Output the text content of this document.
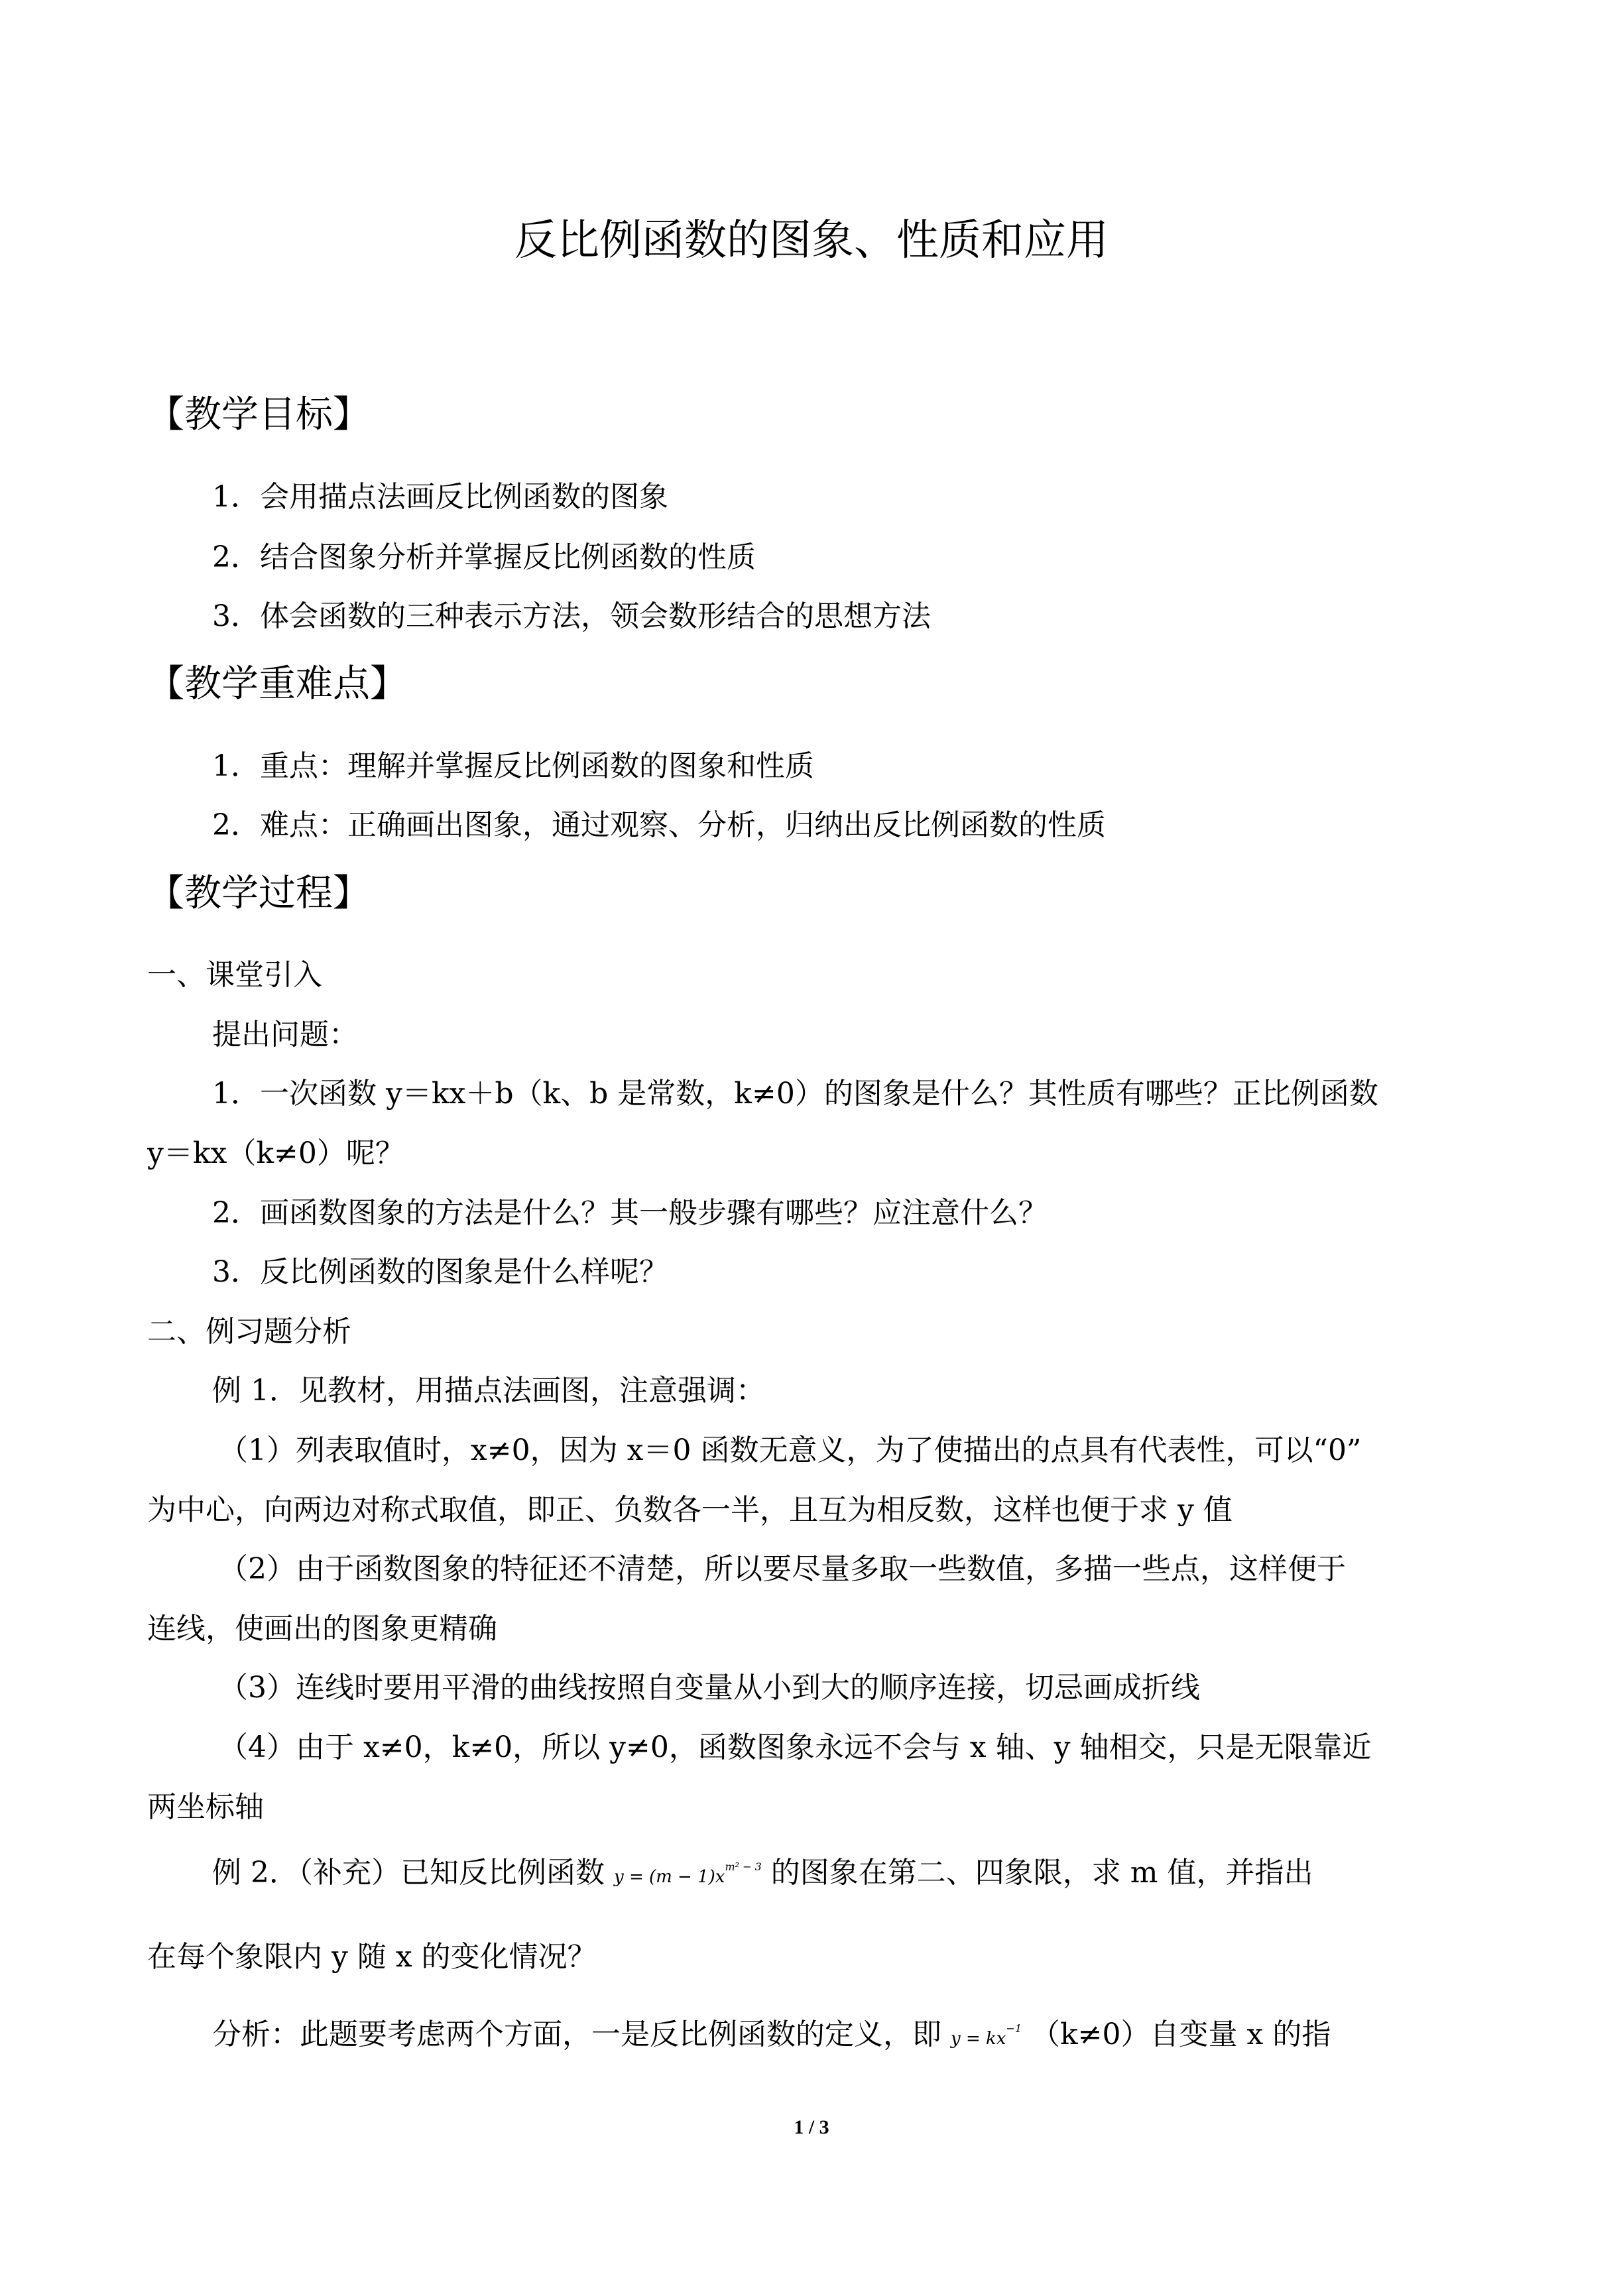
反比例函数的图象、性质和应用
【教学目标】
1．会用描点法画反比例函数的图象
2．结合图象分析并掌握反比例函数的性质
3．体会函数的三种表示方法，领会数形结合的思想方法
【教学重难点】
1．重点：理解并掌握反比例函数的图象和性质
2．难点：正确画出图象，通过观察、分析，归纳出反比例函数的性质
【教学过程】
一、课堂引入
提出问题：
1．一次函数 y＝kx＋b（k、b 是常数，k≠0）的图象是什么？其性质有哪些？正比例函数
y＝kx（k≠0）呢？
2．画函数图象的方法是什么？其一般步骤有哪些？应注意什么？
3．反比例函数的图象是什么样呢？
二、例习题分析
例 1．见教材，用描点法画图，注意强调：
（1）列表取值时，x≠0，因为 x＝0 函数无意义，为了使描出的点具有代表性，可以“0”
为中心，向两边对称式取值，即正、负数各一半，且互为相反数，这样也便于求 y 值
（2）由于函数图象的特征还不清楚，所以要尽量多取一些数值，多描一些点，这样便于
连线，使画出的图象更精确
（3）连线时要用平滑的曲线按照自变量从小到大的顺序连接，切忌画成折线
（4）由于 x≠0，k≠0，所以 y≠0，函数图象永远不会与 x 轴、y 轴相交，只是无限靠近
两坐标轴
例 2．（补充）已知反比例函数 $y = (m - 1)x^{m^2 - 3}$ 的图象在第二、四象限，求 m 值，并指出
在每个象限内 y 随 x 的变化情况？
分析：此题要考虑两个方面，一是反比例函数的定义，即 $y = kx^{-1}$ （k≠0）自变量 x 的指
1 / 3
